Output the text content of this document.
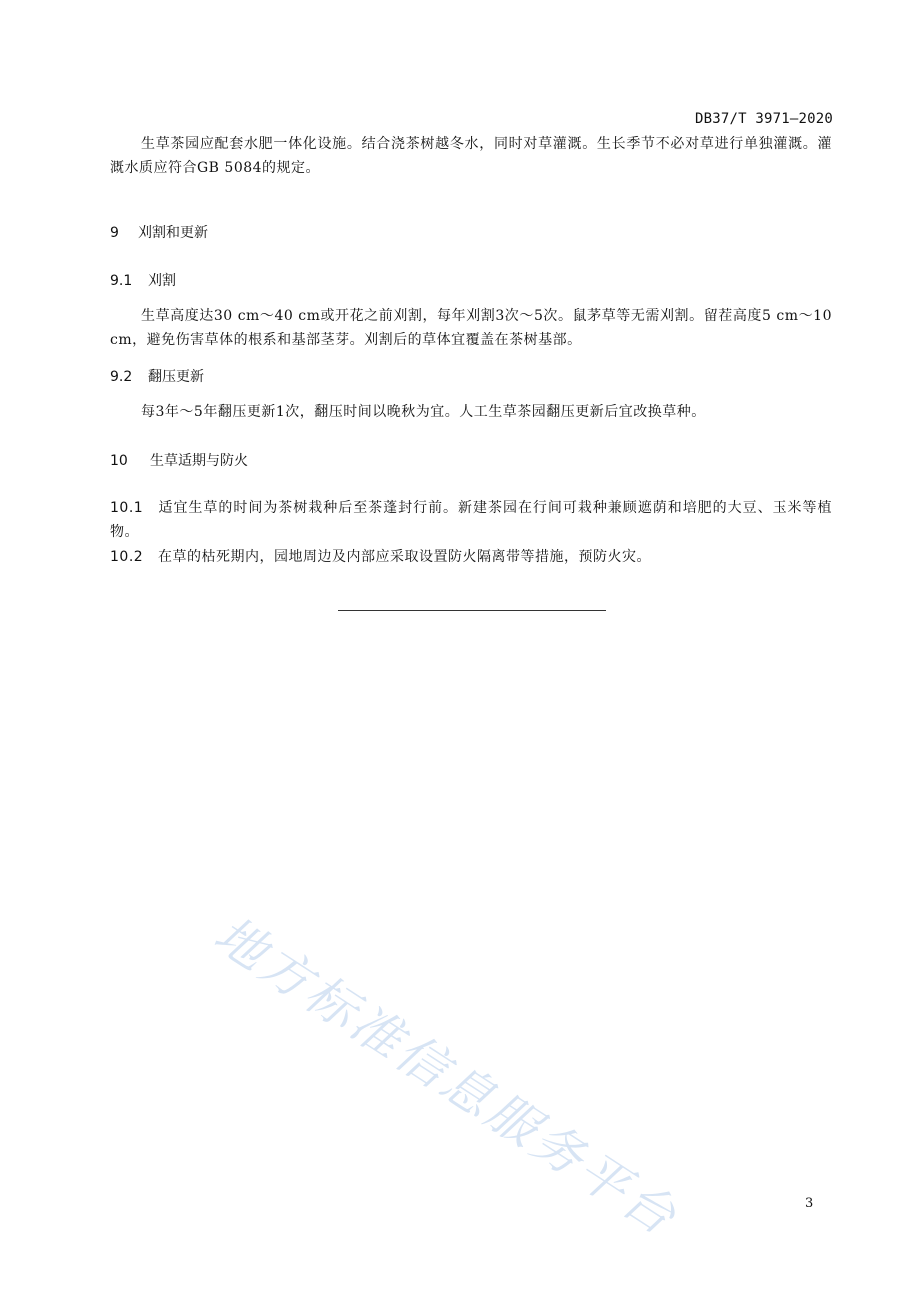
DB37/T 3971—2020

生草茶园应配套水肥一体化设施。结合浇茶树越冬水，同时对草灌溉。生长季节不必对草进行单独灌溉。灌溉水质应符合GB 5084的规定。

9 刈割和更新
9.1 刈割

生草高度达30 cm～40 cm或开花之前刈割，每年刈割3次～5次。鼠茅草等无需刈割。留茬高度5 cm～10 cm，避免伤害草体的根系和基部茎芽。刈割后的草体宜覆盖在茶树基部。

9.2 翻压更新

每3年～5年翻压更新1次，翻压时间以晚秋为宜。人工生草茶园翻压更新后宜改换草种。

10 生草适期与防火

10.1 适宜生草的时间为茶树栽种后至茶蓬封行前。新建茶园在行间可栽种兼顾遮荫和培肥的大豆、玉米等植物。

10.2 在草的枯死期内，园地周边及内部应采取设置防火隔离带等措施，预防火灾。

地方标准信息服务平台	3
